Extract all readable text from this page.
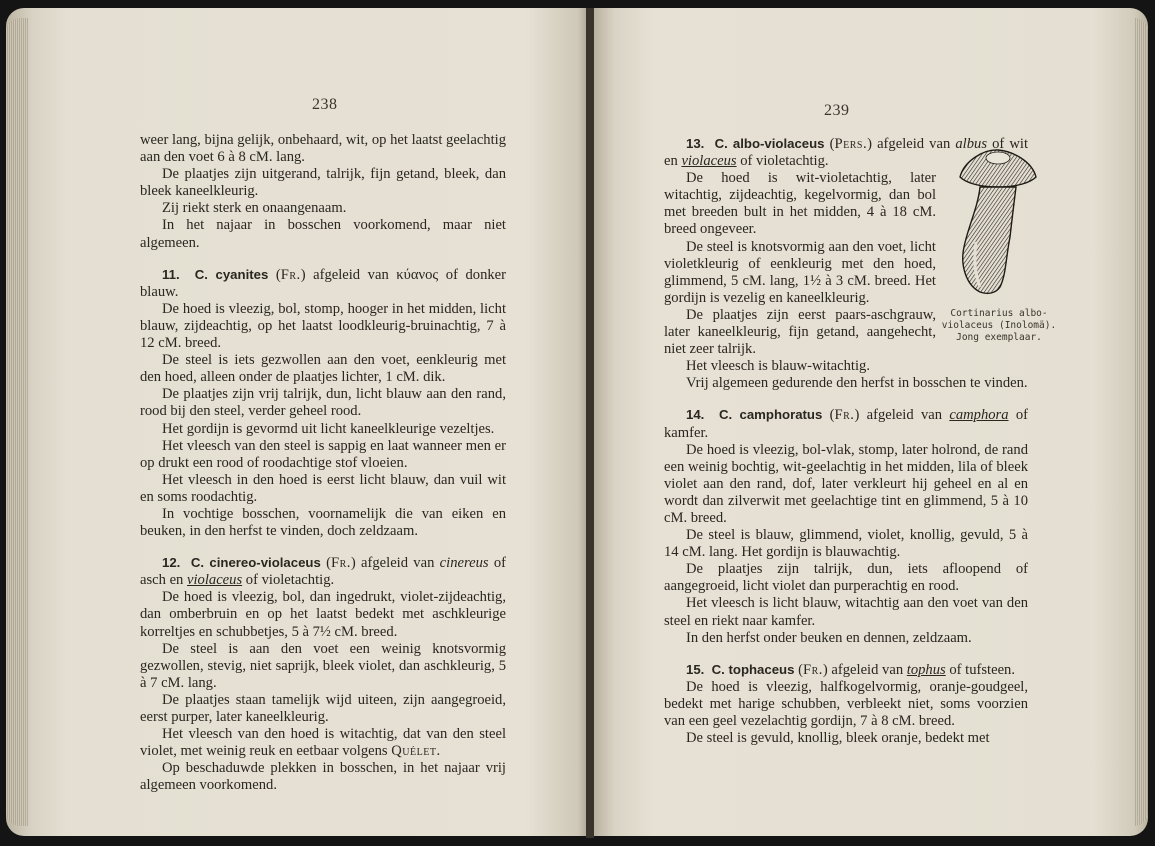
238

weer lang, bijna gelijk, onbehaard, wit, op het laatst geelachtig aan den voet 6 à 8 cM. lang.

De plaatjes zijn uitgerand, talrijk, fijn getand, bleek, dan bleek kaneelkleurig.

Zij riekt sterk en onaangenaam.

In het najaar in bosschen voorkomend, maar niet algemeen.

11. C. cyanites (Fr.) afgeleid van κύανος of donker blauw.

De hoed is vleezig, bol, stomp, hooger in het midden, licht blauw, zijdeachtig, op het laatst loodkleurig-bruinachtig, 7 à 12 cM. breed.

De steel is iets gezwollen aan den voet, eenkleurig met den hoed, alleen onder de plaatjes lichter, 1 cM. dik.

De plaatjes zijn vrij talrijk, dun, licht blauw aan den rand, rood bij den steel, verder geheel rood.

Het gordijn is gevormd uit licht kaneelkleurige vezeltjes.

Het vleesch van den steel is sappig en laat wanneer men er op drukt een rood of roodachtige stof vloeien.

Het vleesch in den hoed is eerst licht blauw, dan vuil wit en soms roodachtig.

In vochtige bosschen, voornamelijk die van eiken en beuken, in den herfst te vinden, doch zeldzaam.

12. C. cinereo-violaceus (Fr.) afgeleid van cinereus of asch en violaceus of violetachtig.

De hoed is vleezig, bol, dan ingedrukt, violet-zijdeachtig, dan omberbruin en op het laatst bedekt met aschkleurige korreltjes en schubbetjes, 5 à 7½ cM. breed.

De steel is aan den voet een weinig knotsvormig gezwollen, stevig, niet saprijk, bleek violet, dan aschkleurig, 5 à 7 cM. lang.

De plaatjes staan tamelijk wijd uiteen, zijn aangegroeid, eerst purper, later kaneelkleurig.

Het vleesch van den hoed is witachtig, dat van den steel violet, met weinig reuk en eetbaar volgens Quélet.

Op beschaduwde plekken in bosschen, in het najaar vrij algemeen voorkomend.

239
Cortinarius albo-violaceus (Inolomä). Jong exemplaar.

13. C. albo-violaceus (Pers.) afgeleid van albus of wit en violaceus of violetachtig.

De hoed is wit-violetachtig, later witachtig, zijdeachtig, kegelvormig, dan bol met breeden bult in het midden, 4 à 18 cM. breed ongeveer.

De steel is knotsvormig aan den voet, licht violetkleurig of eenkleurig met den hoed, glimmend, 5 cM. lang, 1½ à 3 cM. breed. Het gordijn is vezelig en kaneelkleurig.

De plaatjes zijn eerst paars-aschgrauw, later kaneelkleurig, fijn getand, aangehecht, niet zeer talrijk.

Het vleesch is blauw-witachtig.

Vrij algemeen gedurende den herfst in bosschen te vinden.

14. C. camphoratus (Fr.) afgeleid van camphora of kamfer.

De hoed is vleezig, bol-vlak, stomp, later holrond, de rand een weinig bochtig, wit-geelachtig in het midden, lila of bleek violet aan den rand, dof, later verkleurt hij geheel en al en wordt dan zilverwit met geelachtige tint en glimmend, 5 à 10 cM. breed.

De steel is blauw, glimmend, violet, knollig, gevuld, 5 à 14 cM. lang. Het gordijn is blauwachtig.

De plaatjes zijn talrijk, dun, iets afloopend of aangegroeid, licht violet dan purperachtig en rood.

Het vleesch is licht blauw, witachtig aan den voet van den steel en riekt naar kamfer.

In den herfst onder beuken en dennen, zeldzaam.

15. C. tophaceus (Fr.) afgeleid van tophus of tufsteen.

De hoed is vleezig, halfkogelvormig, oranje-goudgeel, bedekt met harige schubben, verbleekt niet, soms voorzien van een geel vezelachtig gordijn, 7 à 8 cM. breed.

De steel is gevuld, knollig, bleek oranje, bedekt met
